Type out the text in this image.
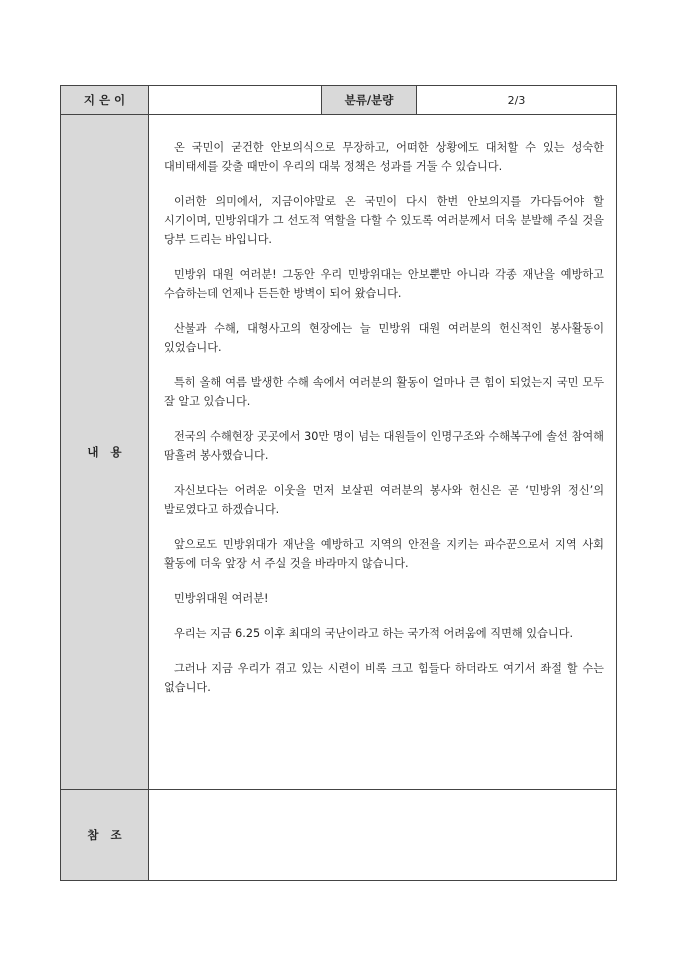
지 은 이	분류/분량	2/3
내   용

온 국민이 굳건한 안보의식으로 무장하고, 어떠한 상황에도 대처할 수 있는 성숙한 대비태세를 갖출 때만이 우리의 대북 정책은 성과를 거둘 수 있습니다.

이러한 의미에서, 지금이야말로 온 국민이 다시 한번 안보의지를 가다듬어야 할 시기이며, 민방위대가 그 선도적 역할을 다할 수 있도록 여러분께서 더욱 분발해 주실 것을 당부 드리는 바입니다.

민방위 대원 여러분! 그동안 우리 민방위대는 안보뿐만 아니라 각종 재난을 예방하고 수습하는데 언제나 든든한 방벽이 되어 왔습니다.

산불과 수해, 대형사고의 현장에는 늘 민방위 대원 여러분의 헌신적인 봉사활동이 있었습니다.

특히 올해 여름 발생한 수해 속에서 여러분의 활동이 얼마나 큰 힘이 되었는지 국민 모두 잘 알고 있습니다.

전국의 수해현장 곳곳에서 30만 명이 넘는 대원들이 인명구조와 수해복구에 솔선 참여해 땀흘려 봉사했습니다.

자신보다는 어려운 이웃을 먼저 보살핀 여러분의 봉사와 헌신은 곧 ‘민방위 정신’의 발로였다고 하겠습니다.

앞으로도 민방위대가 재난을 예방하고 지역의 안전을 지키는 파수꾼으로서 지역 사회 활동에 더욱 앞장 서 주실 것을 바라마지 않습니다.

민방위대원 여러분!

우리는 지금 6.25 이후 최대의 국난이라고 하는 국가적 어려움에 직면해 있습니다.

그러나 지금 우리가 겪고 있는 시련이 비록 크고 힘들다 하더라도 여기서 좌절 할 수는 없습니다.

참   조
